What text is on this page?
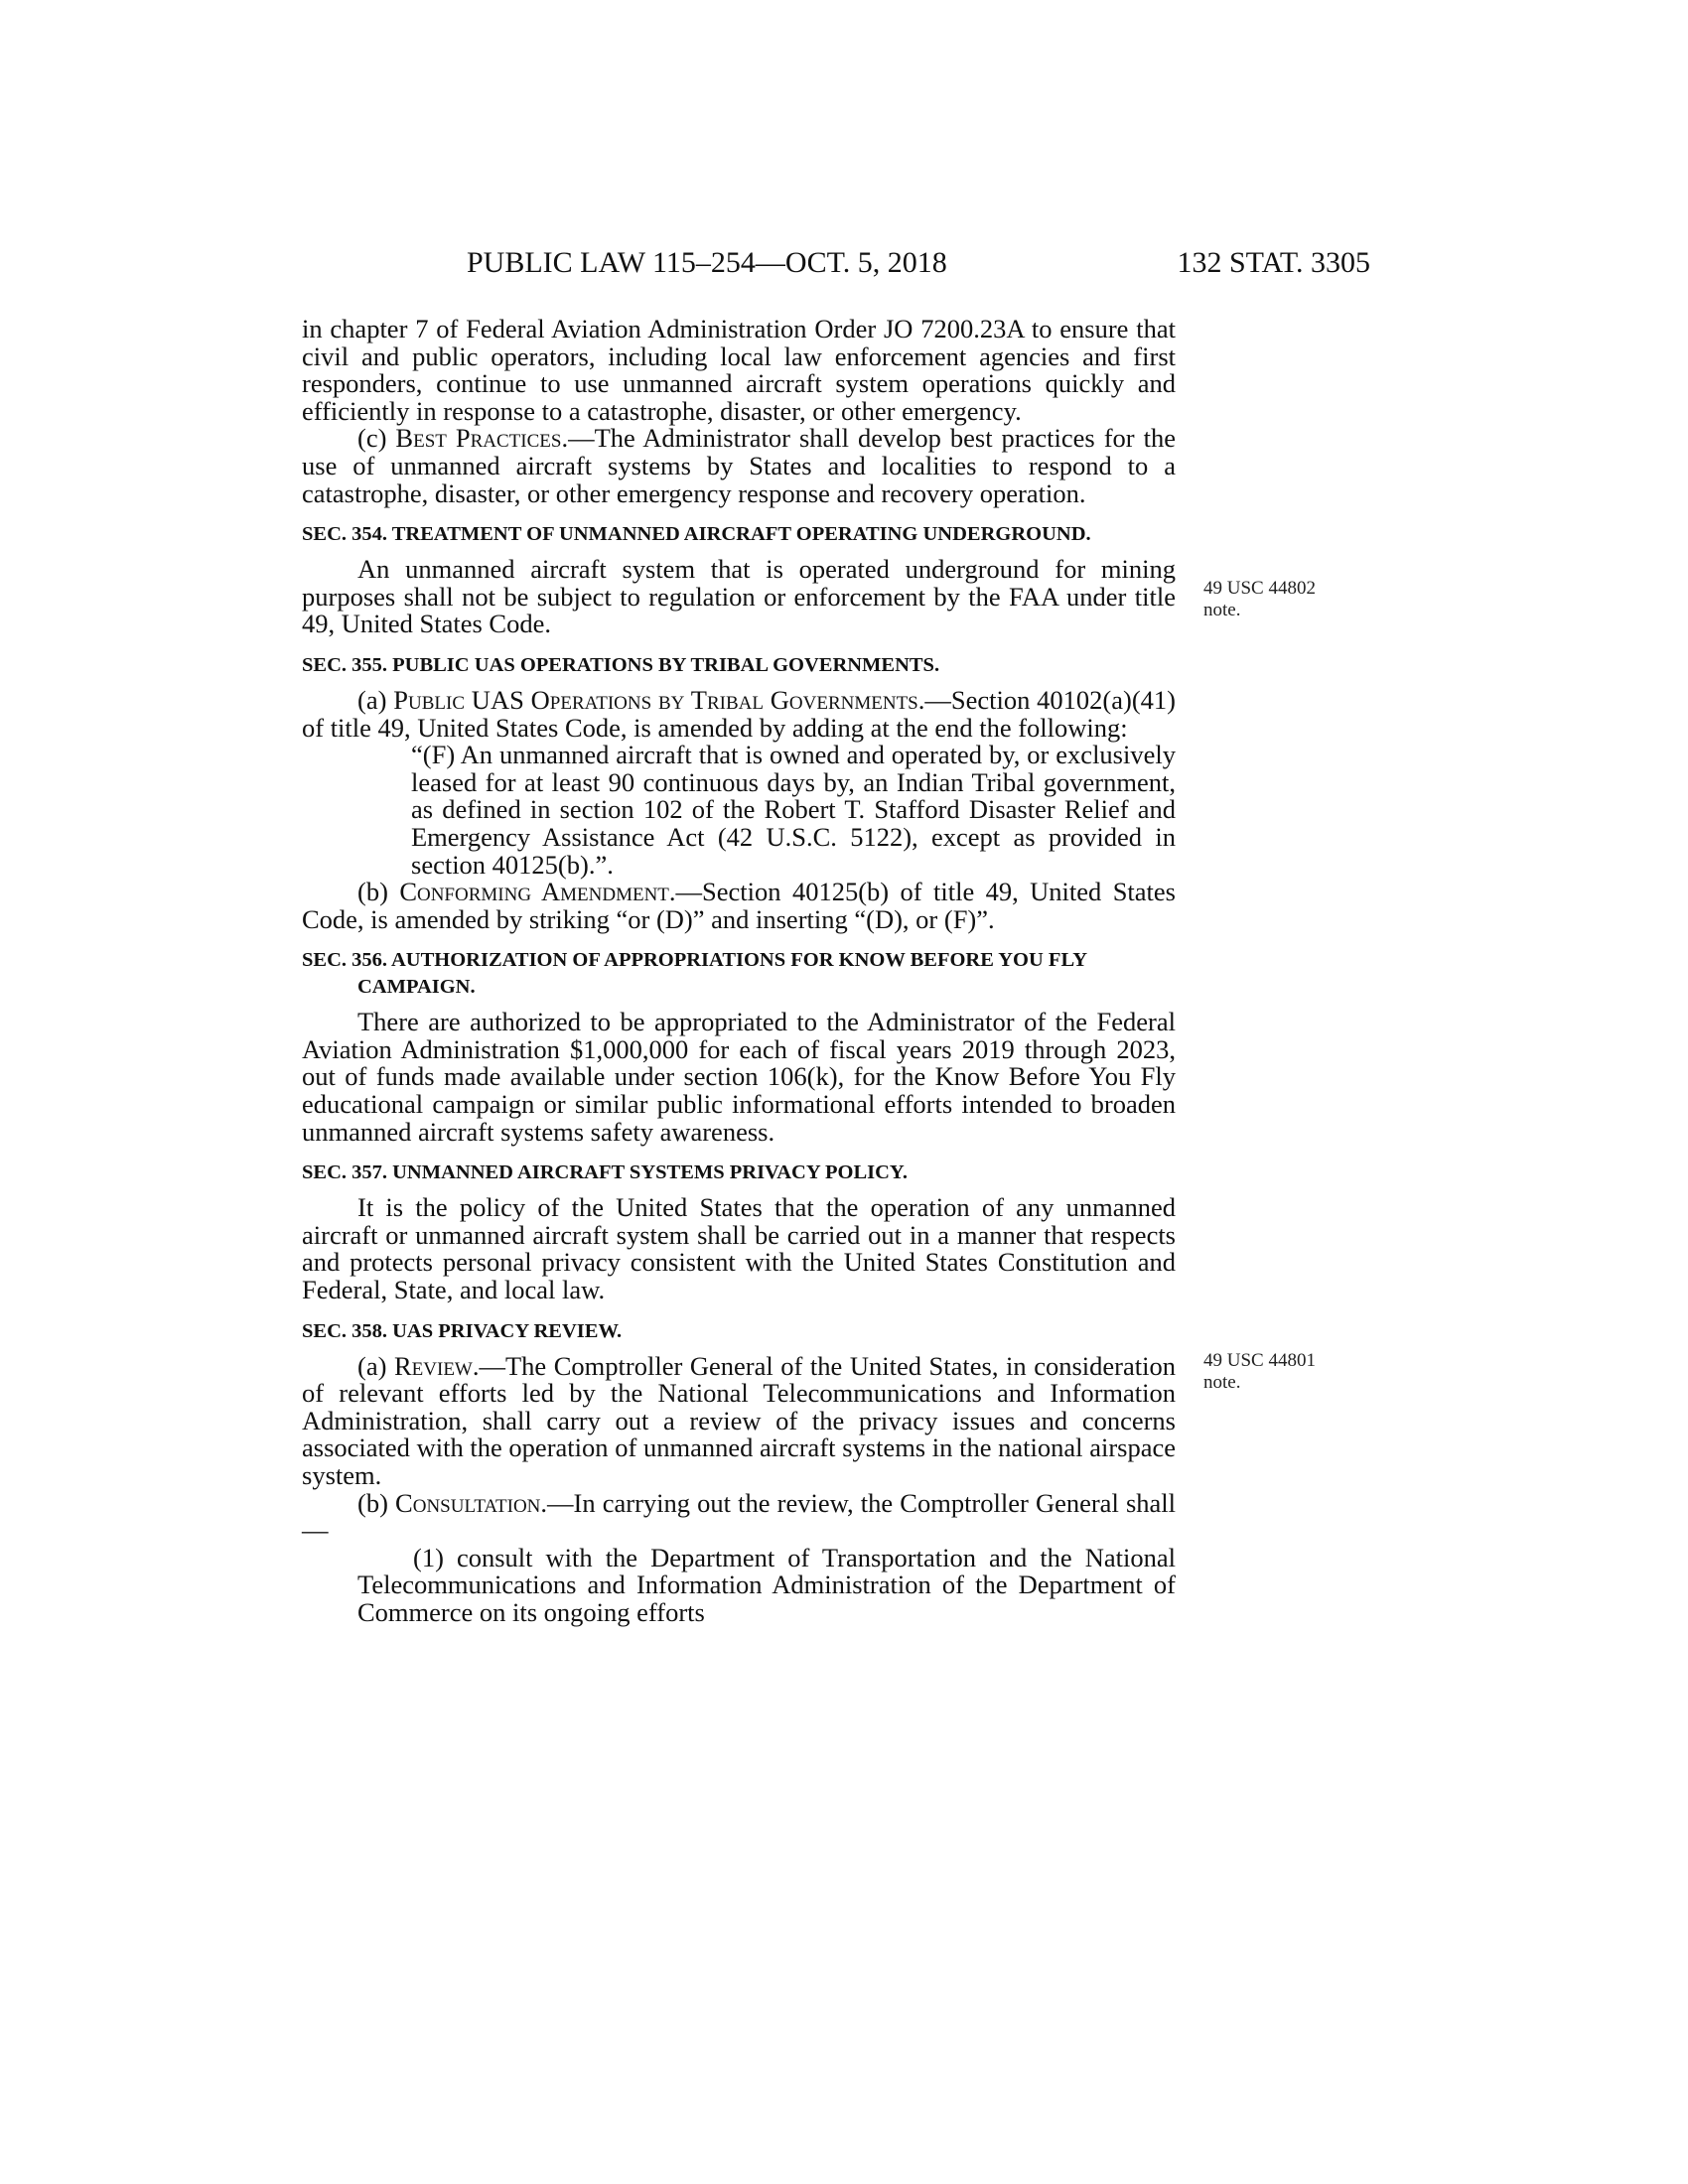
PUBLIC LAW 115–254—OCT. 5, 2018	132 STAT. 3305
49 USC 44802
note.
49 USC 44801
note.

in chapter 7 of Federal Aviation Administration Order JO 7200.23A to ensure that civil and public operators, including local law enforcement agencies and first responders, continue to use unmanned aircraft system operations quickly and efficiently in response to a catastrophe, disaster, or other emergency.

(c) Best Practices.—The Administrator shall develop best practices for the use of unmanned aircraft systems by States and localities to respond to a catastrophe, disaster, or other emergency response and recovery operation.

SEC. 354. TREATMENT OF UNMANNED AIRCRAFT OPERATING UNDERGROUND.

An unmanned aircraft system that is operated underground for mining purposes shall not be subject to regulation or enforcement by the FAA under title 49, United States Code.

SEC. 355. PUBLIC UAS OPERATIONS BY TRIBAL GOVERNMENTS.

(a) Public UAS Operations by Tribal Governments.—Section 40102(a)(41) of title 49, United States Code, is amended by adding at the end the following:

“(F) An unmanned aircraft that is owned and operated by, or exclusively leased for at least 90 continuous days by, an Indian Tribal government, as defined in section 102 of the Robert T. Stafford Disaster Relief and Emergency Assistance Act (42 U.S.C. 5122), except as provided in section 40125(b).”.

(b) Conforming Amendment.—Section 40125(b) of title 49, United States Code, is amended by striking “or (D)” and inserting “(D), or (F)”.

SEC. 356. AUTHORIZATION OF APPROPRIATIONS FOR KNOW BEFORE YOU FLY CAMPAIGN.

There are authorized to be appropriated to the Administrator of the Federal Aviation Administration $1,000,000 for each of fiscal years 2019 through 2023, out of funds made available under section 106(k), for the Know Before You Fly educational campaign or similar public informational efforts intended to broaden unmanned aircraft systems safety awareness.

SEC. 357. UNMANNED AIRCRAFT SYSTEMS PRIVACY POLICY.

It is the policy of the United States that the operation of any unmanned aircraft or unmanned aircraft system shall be carried out in a manner that respects and protects personal privacy consistent with the United States Constitution and Federal, State, and local law.

SEC. 358. UAS PRIVACY REVIEW.

(a) Review.—The Comptroller General of the United States, in consideration of relevant efforts led by the National Telecommunications and Information Administration, shall carry out a review of the privacy issues and concerns associated with the operation of unmanned aircraft systems in the national airspace system.

(b) Consultation.—In carrying out the review, the Comptroller General shall—

(1) consult with the Department of Transportation and the National Telecommunications and Information Administration of the Department of Commerce on its ongoing efforts
